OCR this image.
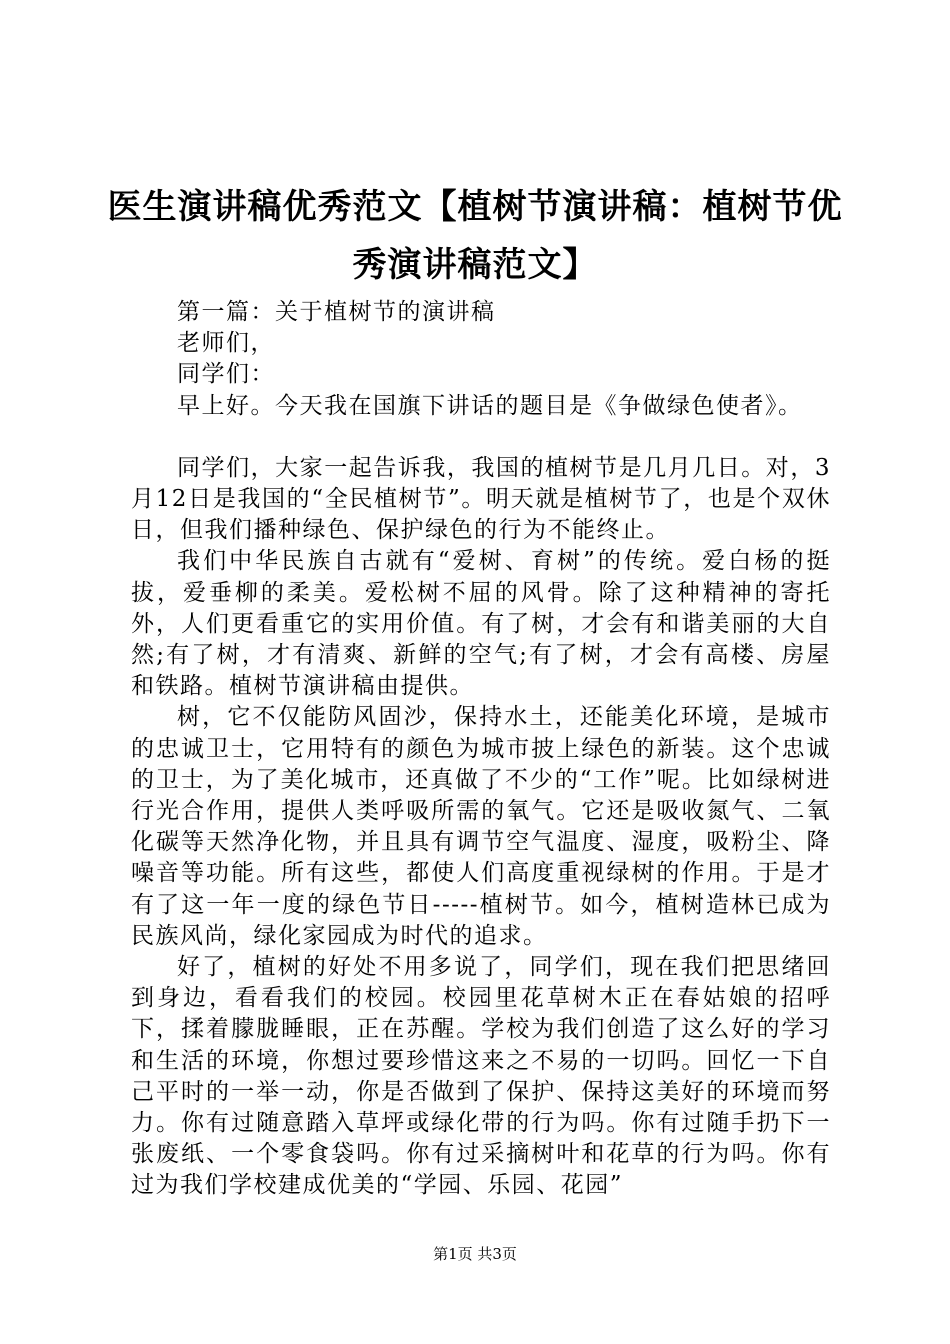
医生演讲稿优秀范文【植树节演讲稿：植树节优秀演讲稿范文】

第一篇：关于植树节的演讲稿

老师们，

同学们：

早上好。今天我在国旗下讲话的题目是《争做绿色使者》。

同学们，大家一起告诉我，我国的植树节是几月几日。对，3月12日是我国的“全民植树节”。明天就是植树节了，也是个双休日，但我们播种绿色、保护绿色的行为不能终止。

我们中华民族自古就有“爱树、育树”的传统。爱白杨的挺拔，爱垂柳的柔美。爱松树不屈的风骨。除了这种精神的寄托外，人们更看重它的实用价值。有了树，才会有和谐美丽的大自然;有了树，才有清爽、新鲜的空气;有了树，才会有高楼、房屋和铁路。植树节演讲稿由提供。

树，它不仅能防风固沙，保持水土，还能美化环境，是城市的忠诚卫士，它用特有的颜色为城市披上绿色的新装。这个忠诚的卫士，为了美化城市，还真做了不少的“工作”呢。比如绿树进行光合作用，提供人类呼吸所需的氧气。它还是吸收氮气、二氧化碳等天然净化物，并且具有调节空气温度、湿度，吸粉尘、降噪音等功能。所有这些，都使人们高度重视绿树的作用。于是才有了这一年一度的绿色节日-----植树节。如今，植树造林已成为民族风尚，绿化家园成为时代的追求。

好了，植树的好处不用多说了，同学们，现在我们把思绪回到身边，看看我们的校园。校园里花草树木正在春姑娘的招呼下，揉着朦胧睡眼，正在苏醒。学校为我们创造了这么好的学习和生活的环境，你想过要珍惜这来之不易的一切吗。回忆一下自己平时的一举一动，你是否做到了保护、保持这美好的环境而努力。你有过随意踏入草坪或绿化带的行为吗。你有过随手扔下一张废纸、一个零食袋吗。你有过采摘树叶和花草的行为吗。你有过为我们学校建成优美的“学园、乐园、花园”

第1页 共3页
